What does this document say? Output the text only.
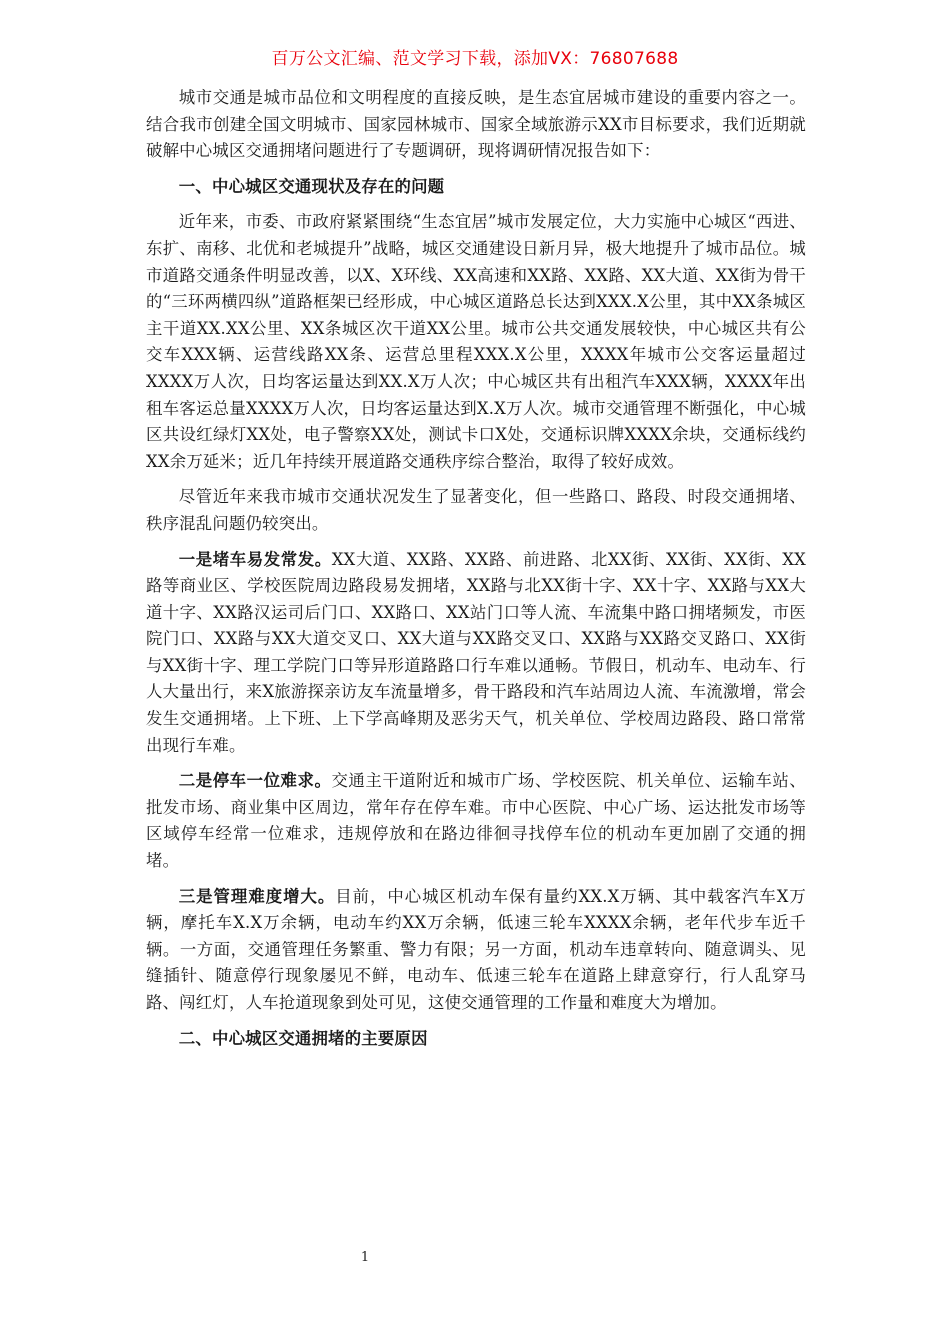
百万公文汇编、范文学习下载，添加VX：76807688

城市交通是城市品位和文明程度的直接反映，是生态宜居城市建设的重要内容之一。结合我市创建全国文明城市、国家园林城市、国家全域旅游示XX市目标要求，我们近期就破解中心城区交通拥堵问题进行了专题调研，现将调研情况报告如下：

一、中心城区交通现状及存在的问题

近年来，市委、市政府紧紧围绕“生态宜居”城市发展定位，大力实施中心城区“西进、东扩、南移、北优和老城提升”战略，城区交通建设日新月异，极大地提升了城市品位。城市道路交通条件明显改善，以X、X环线、XX高速和XX路、XX路、XX大道、XX街为骨干的“三环两横四纵”道路框架已经形成，中心城区道路总长达到XXX.X公里，其中XX条城区主干道XX.XX公里、XX条城区次干道XX公里。城市公共交通发展较快，中心城区共有公交车XXX辆、运营线路XX条、运营总里程XXX.X公里，XXXX年城市公交客运量超过XXXX万人次，日均客运量达到XX.X万人次；中心城区共有出租汽车XXX辆，XXXX年出租车客运总量XXXX万人次，日均客运量达到X.X万人次。城市交通管理不断强化，中心城区共设红绿灯XX处，电子警察XX处，测试卡口X处，交通标识牌XXXX余块，交通标线约XX余万延米；近几年持续开展道路交通秩序综合整治，取得了较好成效。

尽管近年来我市城市交通状况发生了显著变化，但一些路口、路段、时段交通拥堵、秩序混乱问题仍较突出。

一是堵车易发常发。XX大道、XX路、XX路、前进路、北XX街、XX街、XX街、XX路等商业区、学校医院周边路段易发拥堵，XX路与北XX街十字、XX十字、XX路与XX大道十字、XX路汉运司后门口、XX路口、XX站门口等人流、车流集中路口拥堵频发，市医院门口、XX路与XX大道交叉口、XX大道与XX路交叉口、XX路与XX路交叉路口、XX街与XX街十字、理工学院门口等异形道路路口行车难以通畅。节假日，机动车、电动车、行人大量出行，来X旅游探亲访友车流量增多，骨干路段和汽车站周边人流、车流激增，常会发生交通拥堵。上下班、上下学高峰期及恶劣天气，机关单位、学校周边路段、路口常常出现行车难。

二是停车一位难求。交通主干道附近和城市广场、学校医院、机关单位、运输车站、批发市场、商业集中区周边，常年存在停车难。市中心医院、中心广场、运达批发市场等区域停车经常一位难求，违规停放和在路边徘徊寻找停车位的机动车更加剧了交通的拥堵。

三是管理难度增大。目前，中心城区机动车保有量约XX.X万辆、其中载客汽车X万辆，摩托车X.X万余辆，电动车约XX万余辆，低速三轮车XXXX余辆，老年代步车近千辆。一方面，交通管理任务繁重、警力有限；另一方面，机动车违章转向、随意调头、见缝插针、随意停行现象屡见不鲜，电动车、低速三轮车在道路上肆意穿行，行人乱穿马路、闯红灯，人车抢道现象到处可见，这使交通管理的工作量和难度大为增加。

二、中心城区交通拥堵的主要原因

1
